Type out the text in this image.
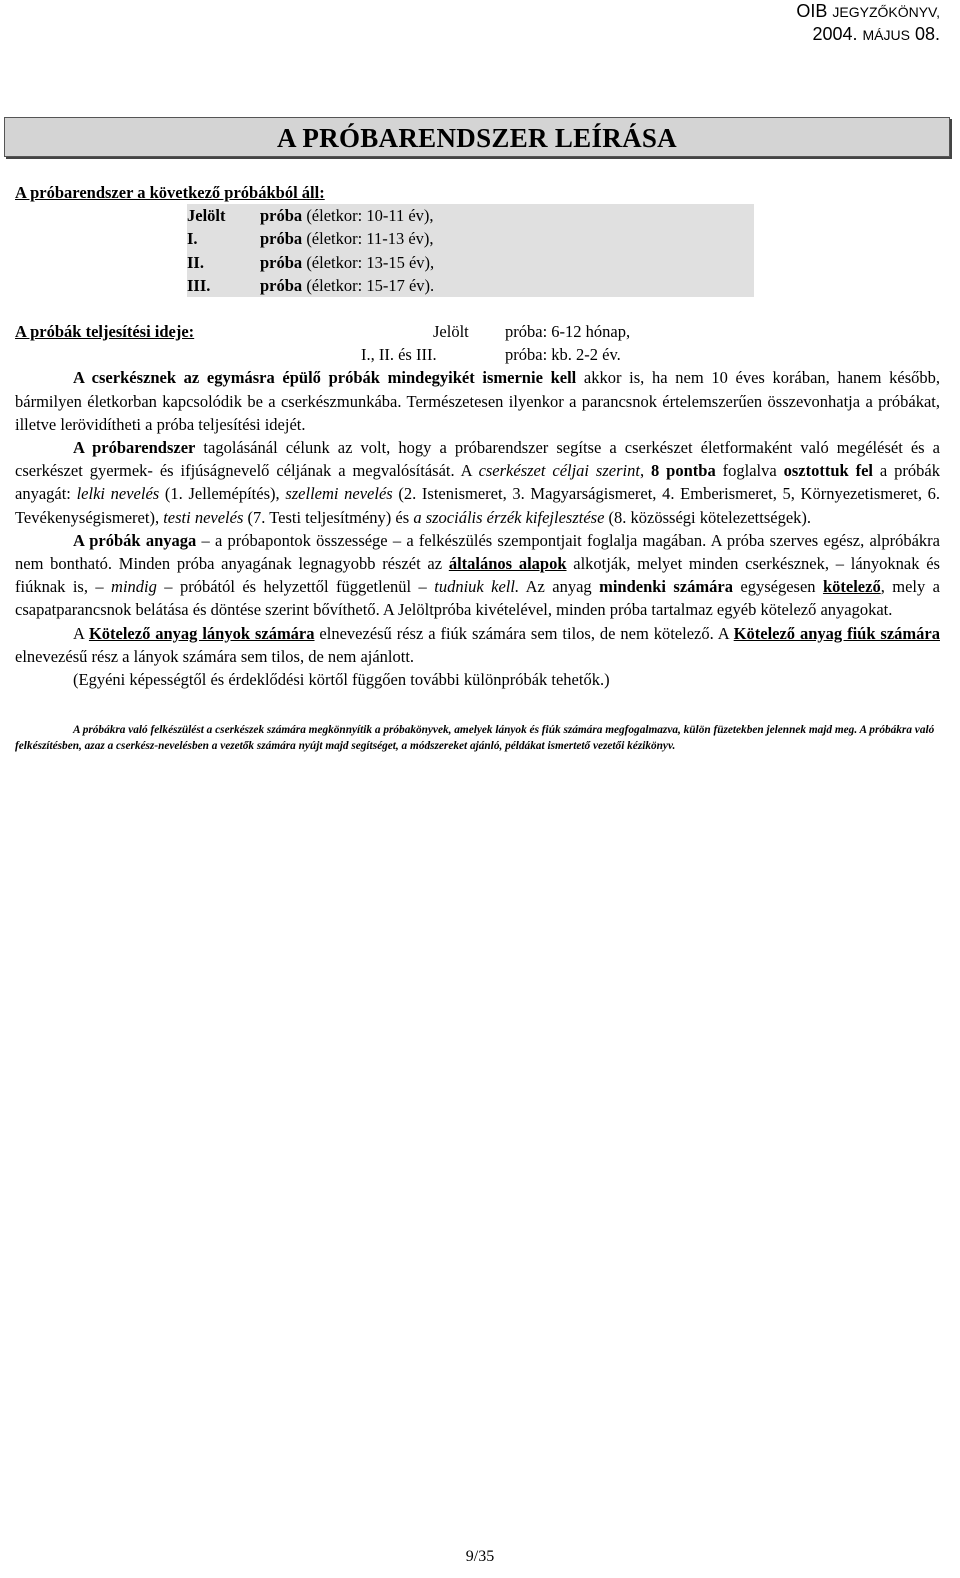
OIB JEGYZŐKÖNYV,
2004. MÁJUS 08.
A PRÓBARENDSZER LEÍRÁSA
A próbarendszer a következő próbákból áll:
Jelölt	próba (életkor: 10-11 év),
I.	próba (életkor: 11-13 év),
II.	próba (életkor: 13-15 év),
III.	próba (életkor: 15-17 év).
A próbák teljesítési ideje:	Jelölt	próba: 6-12 hónap,
I., II. és III.	próba: kb. 2-2 év.

A cserkésznek az egymásra épülő próbák mindegyikét ismernie kell akkor is, ha nem 10 éves korában, hanem később, bármilyen életkorban kapcsolódik be a cserkészmunkába. Természetesen ilyenkor a parancsnok értelemszerűen összevonhatja a próbákat, illetve lerövidítheti a próba teljesítési idejét.

A próbarendszer tagolásánál célunk az volt, hogy a próbarendszer segítse a cserkészet életformaként való megélését és a cserkészet gyermek- és ifjúságnevelő céljának a megvalósítását. A cserkészet céljai szerint, 8 pontba foglalva osztottuk fel a próbák anyagát: lelki nevelés (1. Jellemépítés), szellemi nevelés (2. Istenismeret, 3. Magyarságismeret, 4. Emberismeret, 5, Környezetismeret, 6. Tevékenységismeret), testi nevelés (7. Testi teljesítmény) és a szociális érzék kifejlesztése (8. közösségi kötelezettségek).

A próbák anyaga – a próbapontok összessége – a felkészülés szempontjait foglalja magában. A próba szerves egész, alpróbákra nem bontható. Minden próba anyagának legnagyobb részét az általános alapok alkotják, melyet minden cserkésznek, – lányoknak és fiúknak is, – mindig – próbától és helyzettől függetlenül – tudniuk kell. Az anyag mindenki számára egységesen kötelező, mely a csapatparancsnok belátása és döntése szerint bővíthető. A Jelöltpróba kivételével, minden próba tartalmaz egyéb kötelező anyagokat.

A Kötelező anyag lányok számára elnevezésű rész a fiúk számára sem tilos, de nem kötelező. A Kötelező anyag fiúk számára elnevezésű rész a lányok számára sem tilos, de nem ajánlott.

(Egyéni képességtől és érdeklődési körtől függően további különpróbák tehetők.)

A próbákra való felkészülést a cserkészek számára megkönnyítik a próbakönyvek, amelyek lányok és fiúk számára megfogalmazva, külön füzetekben jelennek majd meg. A próbákra való felkészítésben, azaz a cserkész-nevelésben a vezetők számára nyújt majd segítséget, a módszereket ajánló, példákat ismertető vezetői kézikönyv.

9/35
